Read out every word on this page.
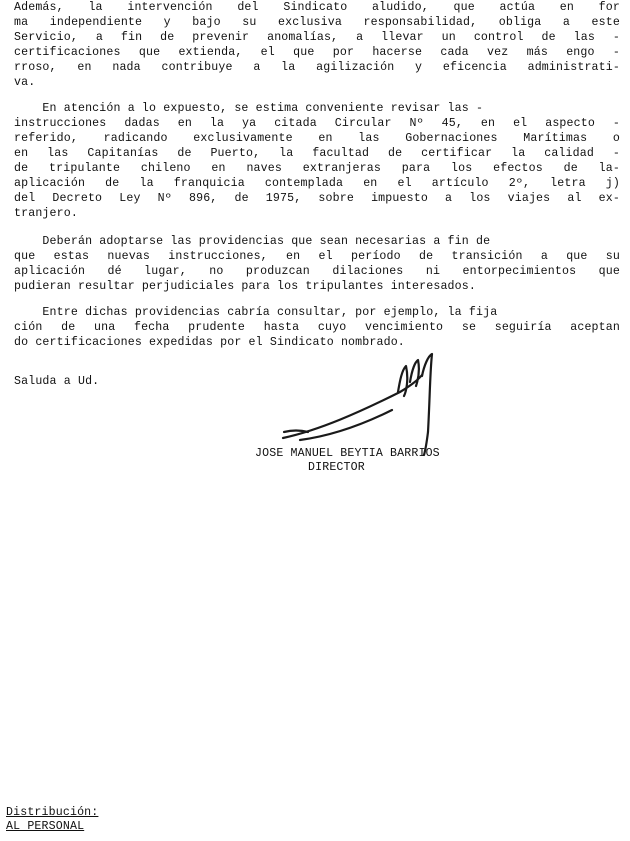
Además, la intervención del Sindicato aludido, que actúa en for
ma independiente y bajo su exclusiva responsabilidad, obliga a este
Servicio, a fin de prevenir anomalías, a llevar un control de las -
certificaciones que extienda, el que por hacerse cada vez más engo -
rroso, en nada contribuye a la agilización y eficencia administrati-
va.
En atención a lo expuesto, se estima conveniente revisar las -
instrucciones dadas en la ya citada Circular Nº 45, en el aspecto -
referido, radicando exclusivamente en las Gobernaciones Marítimas o
en las Capitanías de Puerto, la facultad de certificar la calidad -
de tripulante chileno en naves extranjeras para los efectos de la-
aplicación de la franquicia contemplada en el artículo 2º, letra j)
del Decreto Ley Nº 896, de 1975, sobre impuesto a los viajes al ex-
tranjero.
Deberán adoptarse las providencias que sean necesarias a fin de
que estas nuevas instrucciones, en el período de transición a que su
aplicación dé lugar, no produzcan dilaciones ni entorpecimientos que
pudieran resultar perjudiciales para los tripulantes interesados.
Entre dichas providencias cabría consultar, por ejemplo, la fija
ción de una fecha prudente hasta cuyo vencimiento se seguiría aceptan
do certificaciones expedidas por el Sindicato nombrado.
Saluda a Ud.
JOSE MANUEL BEYTIA BARRIOS
DIRECTOR
Distribución:
AL PERSONAL
